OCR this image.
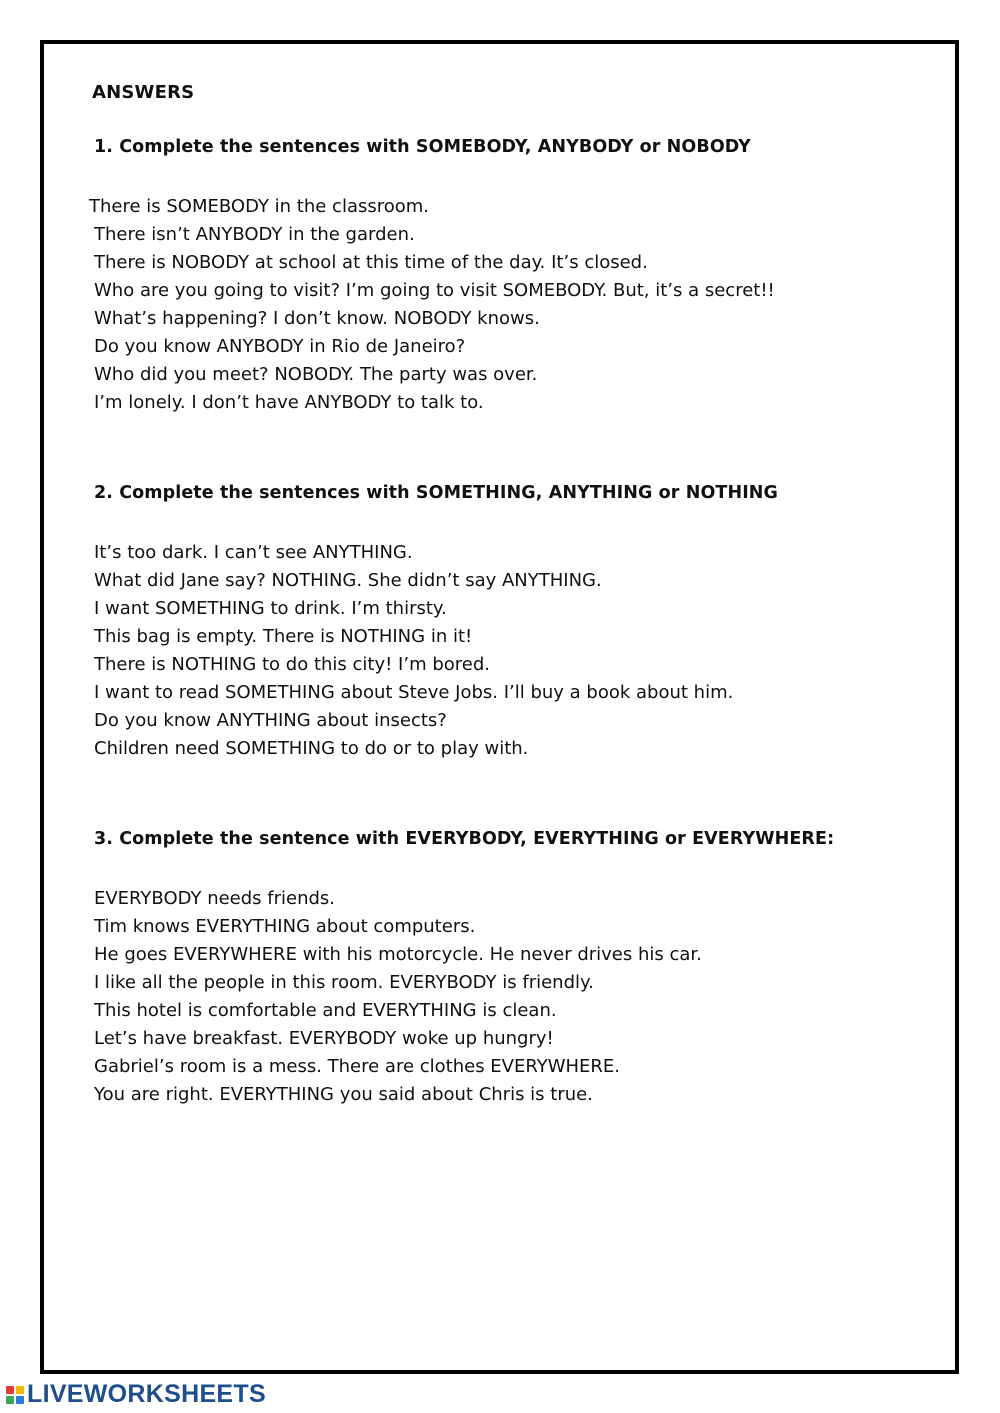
ANSWERS
1. Complete the sentences with SOMEBODY, ANYBODY or NOBODY
There is SOMEBODY in the classroom.
There isn’t ANYBODY in the garden.
There is NOBODY at school at this time of the day. It’s closed.
Who are you going to visit? I’m going to visit SOMEBODY. But, it’s a secret!!
What’s happening? I don’t know. NOBODY knows.
Do you know ANYBODY in Rio de Janeiro?
Who did you meet? NOBODY. The party was over.
I’m lonely. I don’t have ANYBODY to talk to.
2. Complete the sentences with SOMETHING, ANYTHING or NOTHING
It’s too dark. I can’t see ANYTHING.
What did Jane say? NOTHING. She didn’t say ANYTHING.
I want SOMETHING to drink. I’m thirsty.
This bag is empty. There is NOTHING in it!
There is NOTHING to do this city! I’m bored.
I want to read SOMETHING about Steve Jobs. I’ll buy a book about him.
Do you know ANYTHING about insects?
Children need SOMETHING to do or to play with.
3. Complete the sentence with EVERYBODY, EVERYTHING or EVERYWHERE:
EVERYBODY needs friends.
Tim knows EVERYTHING about computers.
He goes EVERYWHERE with his motorcycle. He never drives his car.
I like all the people in this room. EVERYBODY is friendly.
This hotel is comfortable and EVERYTHING is clean.
Let’s have breakfast. EVERYBODY woke up hungry!
Gabriel’s room is a mess. There are clothes EVERYWHERE.
You are right. EVERYTHING you said about Chris is true.
LIVEWORKSHEETS
